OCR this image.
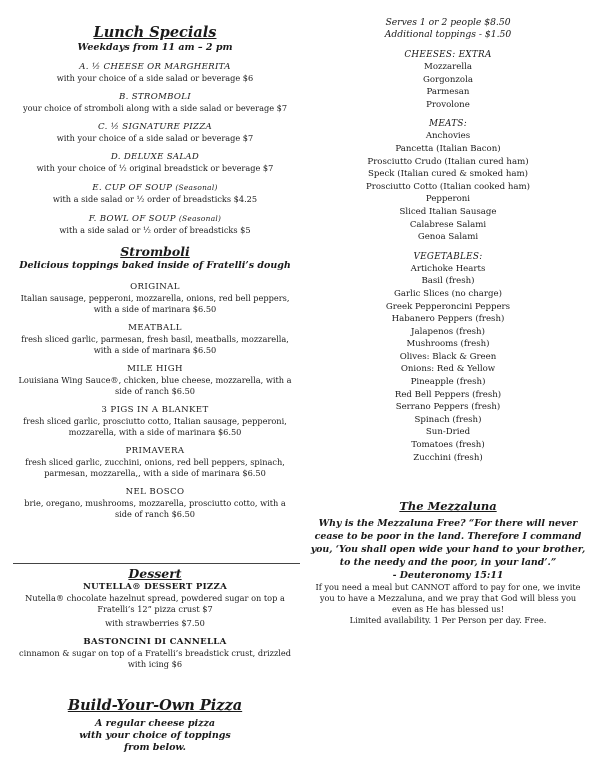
Lunch Specials
Weekdays from 11 am – 2 pm
A. ½ CHEESE OR MARGHERITA
with your choice of a side salad or beverage $6
B. STROMBOLI
your choice of stromboli along with a side salad or beverage $7
C. ½ SIGNATURE PIZZA
with your choice of a side salad or beverage $7
D. DELUXE SALAD
with your choice of ½ original breadstick or beverage $7
E. CUP OF SOUP (Seasonal)
with a side salad or ½ order of breadsticks $4.25
F. BOWL OF SOUP (Seasonal)
with a side salad or ½ order of breadsticks $5
Stromboli
Delicious toppings baked inside of Fratelli’s dough
ORIGINAL
Italian sausage, pepperoni, mozzarella, onions, red bell peppers,
with a side of marinara $6.50
MEATBALL
fresh sliced garlic, parmesan, fresh basil, meatballs, mozzarella,
with a side of marinara $6.50
MILE HIGH
Louisiana Wing Sauce®, chicken, blue cheese, mozzarella, with a
side of ranch $6.50
3 PIGS IN A BLANKET
fresh sliced garlic, prosciutto cotto, Italian sausage, pepperoni,
mozzarella, with a side of marinara $6.50
PRIMAVERA
fresh sliced garlic, zucchini, onions, red bell peppers, spinach,
parmesan, mozzarella,, with a side of marinara $6.50
NEL BOSCO
brie, oregano, mushrooms, mozzarella, prosciutto cotto, with a
side of ranch $6.50
Dessert
NUTELLA® DESSERT PIZZA
Nutella® chocolate hazelnut spread, powdered sugar on top a
Fratelli’s 12” pizza crust $7
with strawberries $7.50
BASTONCINI DI CANNELLA
cinnamon & sugar on top of a Fratelli’s breadstick crust, drizzled
with icing $6
Build-Your-Own Pizza
A regular cheese pizza
with your choice of toppings
from below.
Serves 1 or 2 people $8.50
Additional toppings - $1.50
CHEESES: EXTRA
Mozzarella
Gorgonzola
Parmesan
Provolone
MEATS:
Anchovies
Pancetta (Italian Bacon)
Prosciutto Crudo (Italian cured ham)
Speck (Italian cured & smoked ham)
Prosciutto Cotto (Italian cooked ham)
Pepperoni
Sliced Italian Sausage
Calabrese Salami
Genoa Salami
VEGETABLES:
Artichoke Hearts
Basil (fresh)
Garlic Slices (no charge)
Greek Pepperoncini Peppers
Habanero Peppers (fresh)
Jalapenos (fresh)
Mushrooms (fresh)
Olives: Black & Green
Onions: Red & Yellow
Pineapple (fresh)
Red Bell Peppers (fresh)
Serrano Peppers (fresh)
Spinach (fresh)
Sun-Dried
Tomatoes (fresh)
Zucchini (fresh)
The Mezzaluna
Why is the Mezzaluna Free? “For there will never
cease to be poor in the land. Therefore I command
you, ‘You shall open wide your hand to your brother,
to the needy and the poor, in your land’.”
- Deuteronomy 15:11
If you need a meal but CANNOT afford to pay for one, we invite
you to have a Mezzaluna, and we pray that God will bless you
even as He has blessed us!
Limited availability. 1 Per Person per day. Free.
